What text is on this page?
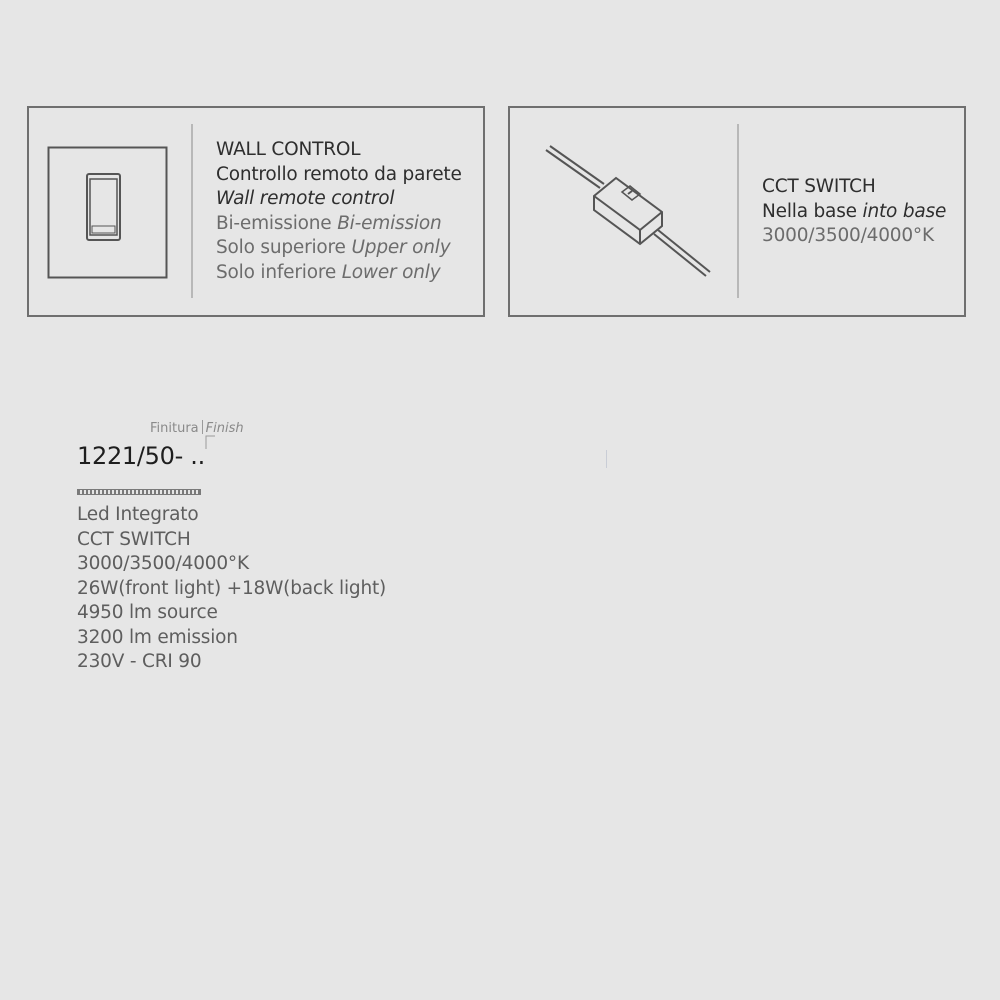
WALL CONTROL
Controllo remoto da parete
Wall remote control
Bi-emissione Bi-emission
Solo superiore Upper only
Solo inferiore Lower only
CCT SWITCH
Nella base into base
3000/3500/4000°K
Finitura Finish
1221/50- ..
Led Integrato
CCT SWITCH
3000/3500/4000°K
26W(front light) +18W(back light)
4950 lm source
3200 lm emission
230V - CRI 90
